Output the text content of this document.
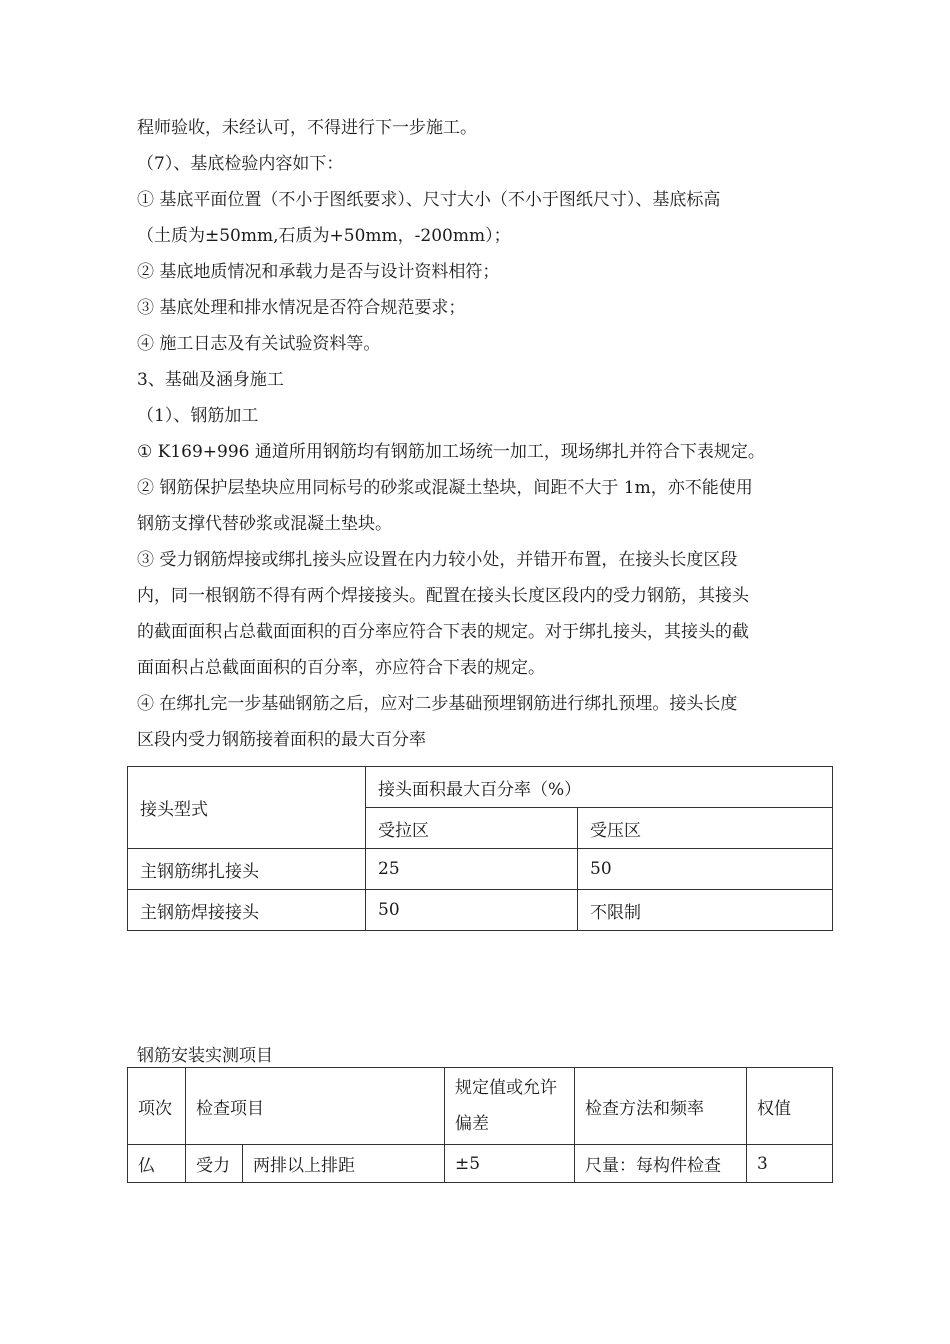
程师验收，未经认可，不得进行下一步施工。
（7）、基底检验内容如下：
① 基底平面位置（不小于图纸要求）、尺寸大小（不小于图纸尺寸）、基底标高
（土质为±50mm,石质为+50mm，-200mm）；
② 基底地质情况和承载力是否与设计资料相符；
③ 基底处理和排水情况是否符合规范要求；
④ 施工日志及有关试验资料等。
3、基础及涵身施工
（1）、钢筋加工
① K169+996 通道所用钢筋均有钢筋加工场统一加工，现场绑扎并符合下表规定。
② 钢筋保护层垫块应用同标号的砂浆或混凝土垫块，间距不大于 1m，亦不能使用
钢筋支撑代替砂浆或混凝土垫块。
③ 受力钢筋焊接或绑扎接头应设置在内力较小处，并错开布置，在接头长度区段
内，同一根钢筋不得有两个焊接接头。配置在接头长度区段内的受力钢筋，其接头
的截面面积占总截面面积的百分率应符合下表的规定。对于绑扎接头，其接头的截
面面积占总截面面积的百分率，亦应符合下表的规定。
④ 在绑扎完一步基础钢筋之后，应对二步基础预埋钢筋进行绑扎预埋。接头长度
区段内受力钢筋接着面积的最大百分率
接头型式	接头面积最大百分率（%）	
	受拉区	受压区
主钢筋绑扎接头	25	50
主钢筋焊接接头	50	不限制
钢筋安装实测项目
项次	检查项目		规定值或允许偏差	检查方法和频率	权值
仏	受力	两排以上排距	±5	尺量：每构件检查	3
